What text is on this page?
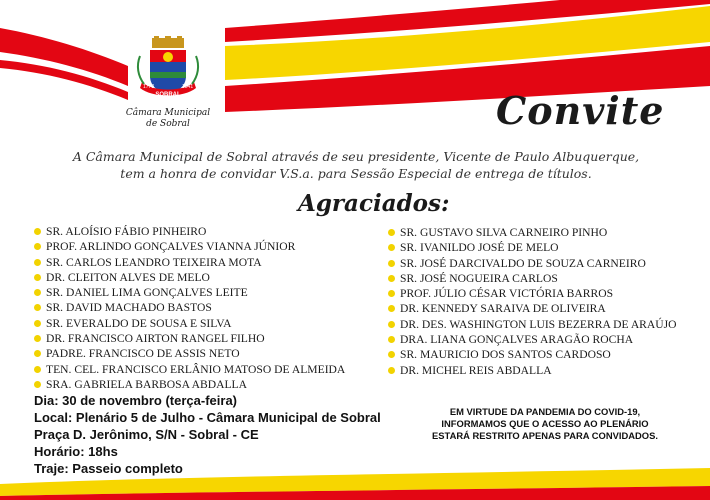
1773	1841
SOBRAL
Câmara Municipal
de Sobral	Convite
A Câmara Municipal de Sobral através de seu presidente, Vicente de Paulo Albuquerque,
tem a honra de convidar V.S.a. para Sessão Especial de entrega de títulos.
Agraciados:
SR. ALOÍSIO FÁBIO PINHEIRO
PROF. ARLINDO GONÇALVES VIANNA JÚNIOR
SR. CARLOS LEANDRO TEIXEIRA MOTA
DR. CLEITON ALVES DE MELO
SR. DANIEL LIMA GONÇALVES LEITE
SR. DAVID MACHADO BASTOS
SR. EVERALDO DE SOUSA E SILVA
DR. FRANCISCO AIRTON RANGEL FILHO
PADRE. FRANCISCO DE ASSIS NETO
TEN. CEL. FRANCISCO ERLÂNIO MATOSO DE ALMEIDA
SRA. GABRIELA BARBOSA ABDALLA
SR. GUSTAVO SILVA CARNEIRO PINHO
SR. IVANILDO JOSÉ DE MELO
SR. JOSÉ DARCIVALDO DE SOUZA CARNEIRO
SR. JOSÉ NOGUEIRA CARLOS
PROF. JÚLIO CÉSAR VICTÓRIA BARROS
DR. KENNEDY SARAIVA DE OLIVEIRA
DR. DES. WASHINGTON LUIS BEZERRA DE ARAÚJO
DRA. LIANA GONÇALVES ARAGÃO ROCHA
SR. MAURICIO DOS SANTOS CARDOSO
DR. MICHEL REIS ABDALLA
Dia: 30 de novembro (terça-feira)
Local: Plenário 5 de Julho - Câmara Municipal de Sobral
Praça D. Jerônimo, S/N - Sobral - CE
Horário: 18hs
Traje: Passeio completo
EM VIRTUDE DA PANDEMIA DO COVID-19,
INFORMAMOS QUE O ACESSO AO PLENÁRIO
ESTARÁ RESTRITO APENAS PARA CONVIDADOS.
